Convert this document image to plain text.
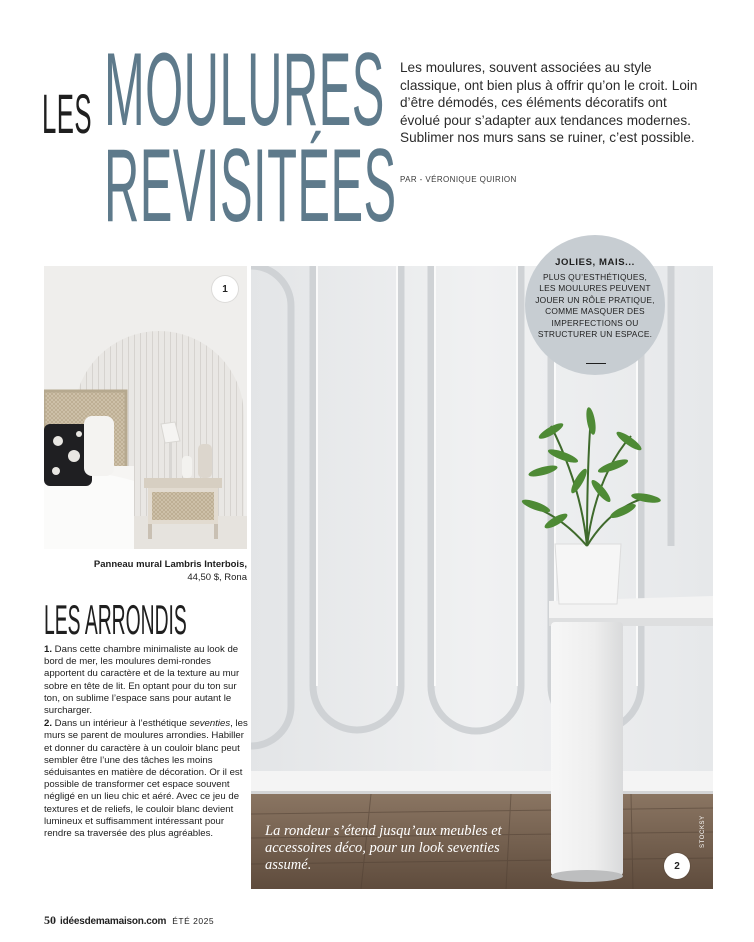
LES MOULURES
REVISITÉES
Les moulures, souvent associées au style classique, ont bien plus à offrir qu’on le croit. Loin d’être démodés, ces éléments décoratifs ont évolué pour s’adapter aux tendances modernes. Sublimer nos murs sans se ruiner, c’est possible.
PAR - VÉRONIQUE QUIRION
1
Panneau mural Lambris Interbois,
44,50 $, Rona
LES ARRONDIS

1. Dans cette chambre minimaliste au look de bord de mer, les moulures demi-rondes apportent du caractère et de la texture au mur sobre en tête de lit. En optant pour du ton sur ton, on sublime l’espace sans pour autant le surcharger.

2. Dans un intérieur à l’esthétique seventies, les murs se parent de moulures arrondies. Habiller et donner du caractère à un couloir blanc peut sembler être l’une des tâches les moins séduisantes en matière de décoration. Or il est possible de transformer cet espace souvent négligé en un lieu chic et aéré. Avec ce jeu de textures et de reliefs, le couloir blanc devient lumineux et suffisamment intéressant pour rendre sa traversée des plus agréables.

2
La rondeur s’étend jusqu’aux meubles et accessoires déco, pour un look seventies assumé.
STOCKSY
JOLIES, MAIS...
PLUS QU’ESTHÉTIQUES, LES MOULURES PEUVENT JOUER UN RÔLE PRATIQUE, COMME MASQUER DES IMPERFECTIONS OU STRUCTURER UN ESPACE.
50 idéesdemamaison.com ÉTÉ 2025
